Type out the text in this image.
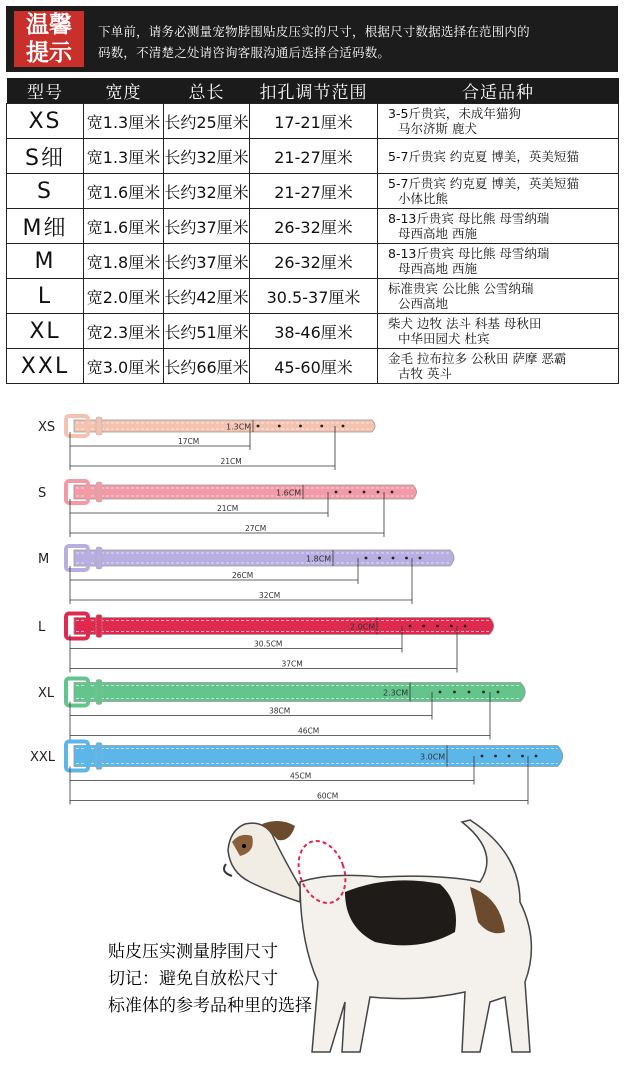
温馨
提示
下单前，请务必测量宠物脖围贴皮压实的尺寸，根据尺寸数据选择在范围内的
码数，不清楚之处请咨询客服沟通后选择合适码数。
型号	宽度	总长	扣孔调节范围	合适品种
XS	宽1.3厘米	长约25厘米	17-21厘米	3-5斤贵宾，未成年猫狗
马尔济斯 鹿犬

S细	宽1.3厘米	长约32厘米	21-27厘米	5-7斤贵宾 约克夏 博美，英美短猫

S	宽1.6厘米	长约32厘米	21-27厘米	5-7斤贵宾 约克夏 博美，英美短猫
小体比熊

M细	宽1.6厘米	长约37厘米	26-32厘米	8-13斤贵宾 母比熊 母雪纳瑞
母西高地 西施

M	宽1.8厘米	长约37厘米	26-32厘米	8-13斤贵宾 母比熊 母雪纳瑞
母西高地 西施

L	宽2.0厘米	长约42厘米	30.5-37厘米	标准贵宾 公比熊 公雪纳瑞
公西高地

XL	宽2.3厘米	长约51厘米	38-46厘米	柴犬 边牧 法斗 科基 母秋田
中华田园犬 杜宾

XXL	宽3.0厘米	长约66厘米	45-60厘米	金毛 拉布拉多 公秋田 萨摩 恶霸
古牧 英斗
XS	1.3CM
17CM
21CM
S	1.6CM
21CM
27CM
M	1.8CM
26CM
32CM
L	2.0CM
30.5CM
37CM
XL	2.3CM
38CM
46CM
XXL	3.0CM
45CM
60CM
贴皮压实测量脖围尺寸
切记：避免自放松尺寸
标准体的参考品种里的选择
